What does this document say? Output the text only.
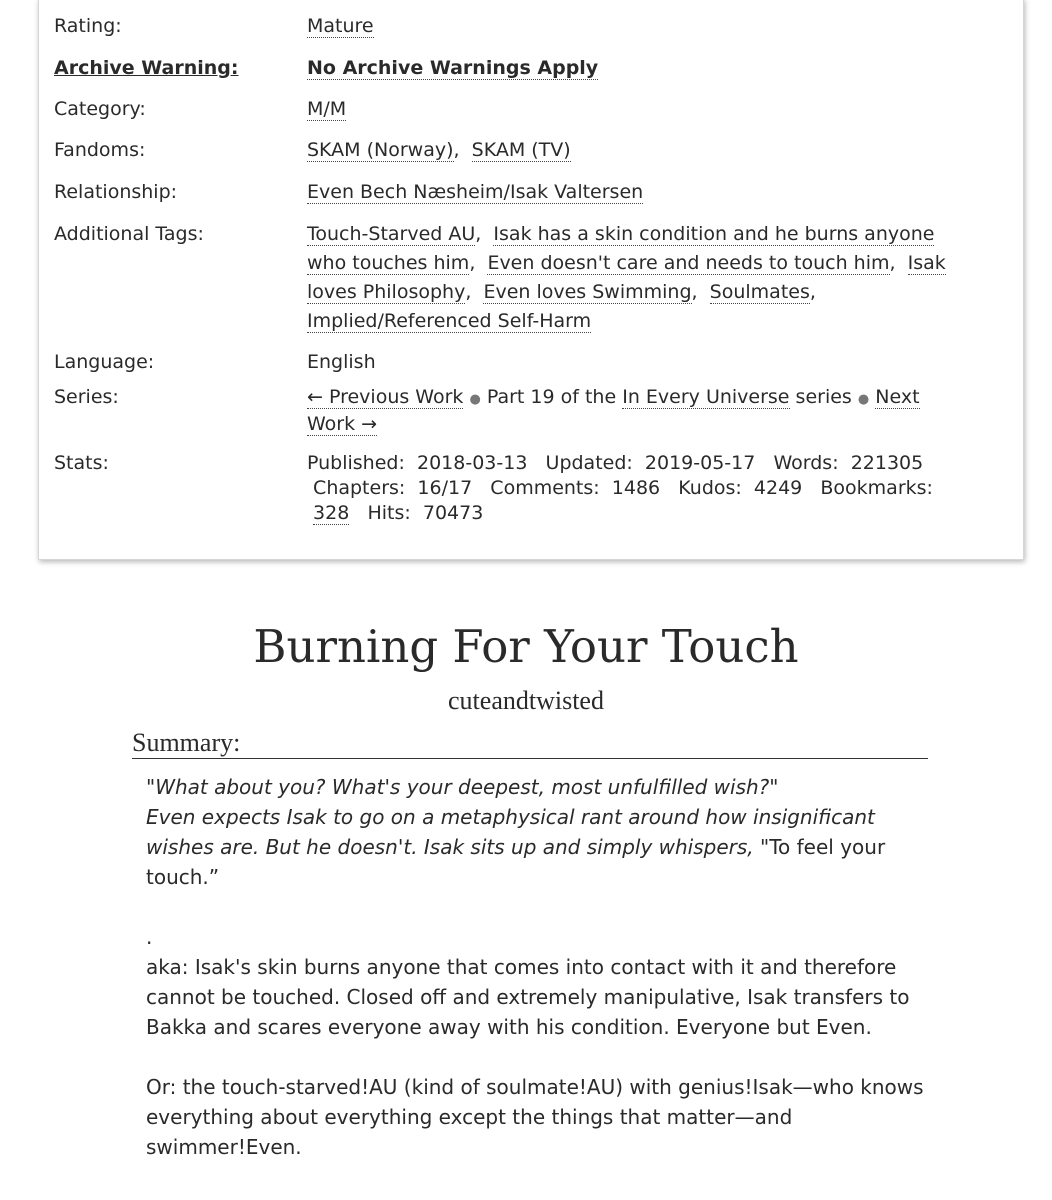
Rating:	Mature
Archive Warning:	No Archive Warnings Apply
Category:	M/M
Fandoms:	SKAM (Norway),  SKAM (TV)
Relationship:	Even Bech Næsheim/Isak Valtersen
Additional Tags:	Touch-Starved AU,  Isak has a skin condition and he burns anyone who touches him,  Even doesn't care and needs to touch him,  Isak loves Philosophy,  Even loves Swimming,  Soulmates,  Implied/Referenced Self-Harm
Language:	English
Series:	← Previous Work ● Part 19 of the In Every Universe series ● Next Work →
Stats:	Published: 2018-03-13 Updated: 2019-05-17 Words: 221305
Chapters: 16/17 Comments: 1486 Kudos: 4249 Bookmarks:
328 Hits: 70473
Burning For Your Touch
cuteandtwisted
Summary:

"What about you? What's your deepest, most unfulfilled wish?"

Even expects Isak to go on a metaphysical rant around how insignificant wishes are. But he doesn't. Isak sits up and simply whispers, "To feel your touch.”

.

aka: Isak's skin burns anyone that comes into contact with it and therefore cannot be touched. Closed off and extremely manipulative, Isak transfers to Bakka and scares everyone away with his condition. Everyone but Even.

Or: the touch-starved!AU (kind of soulmate!AU) with genius!Isak—who knows everything about everything except the things that matter—and swimmer!Even.
